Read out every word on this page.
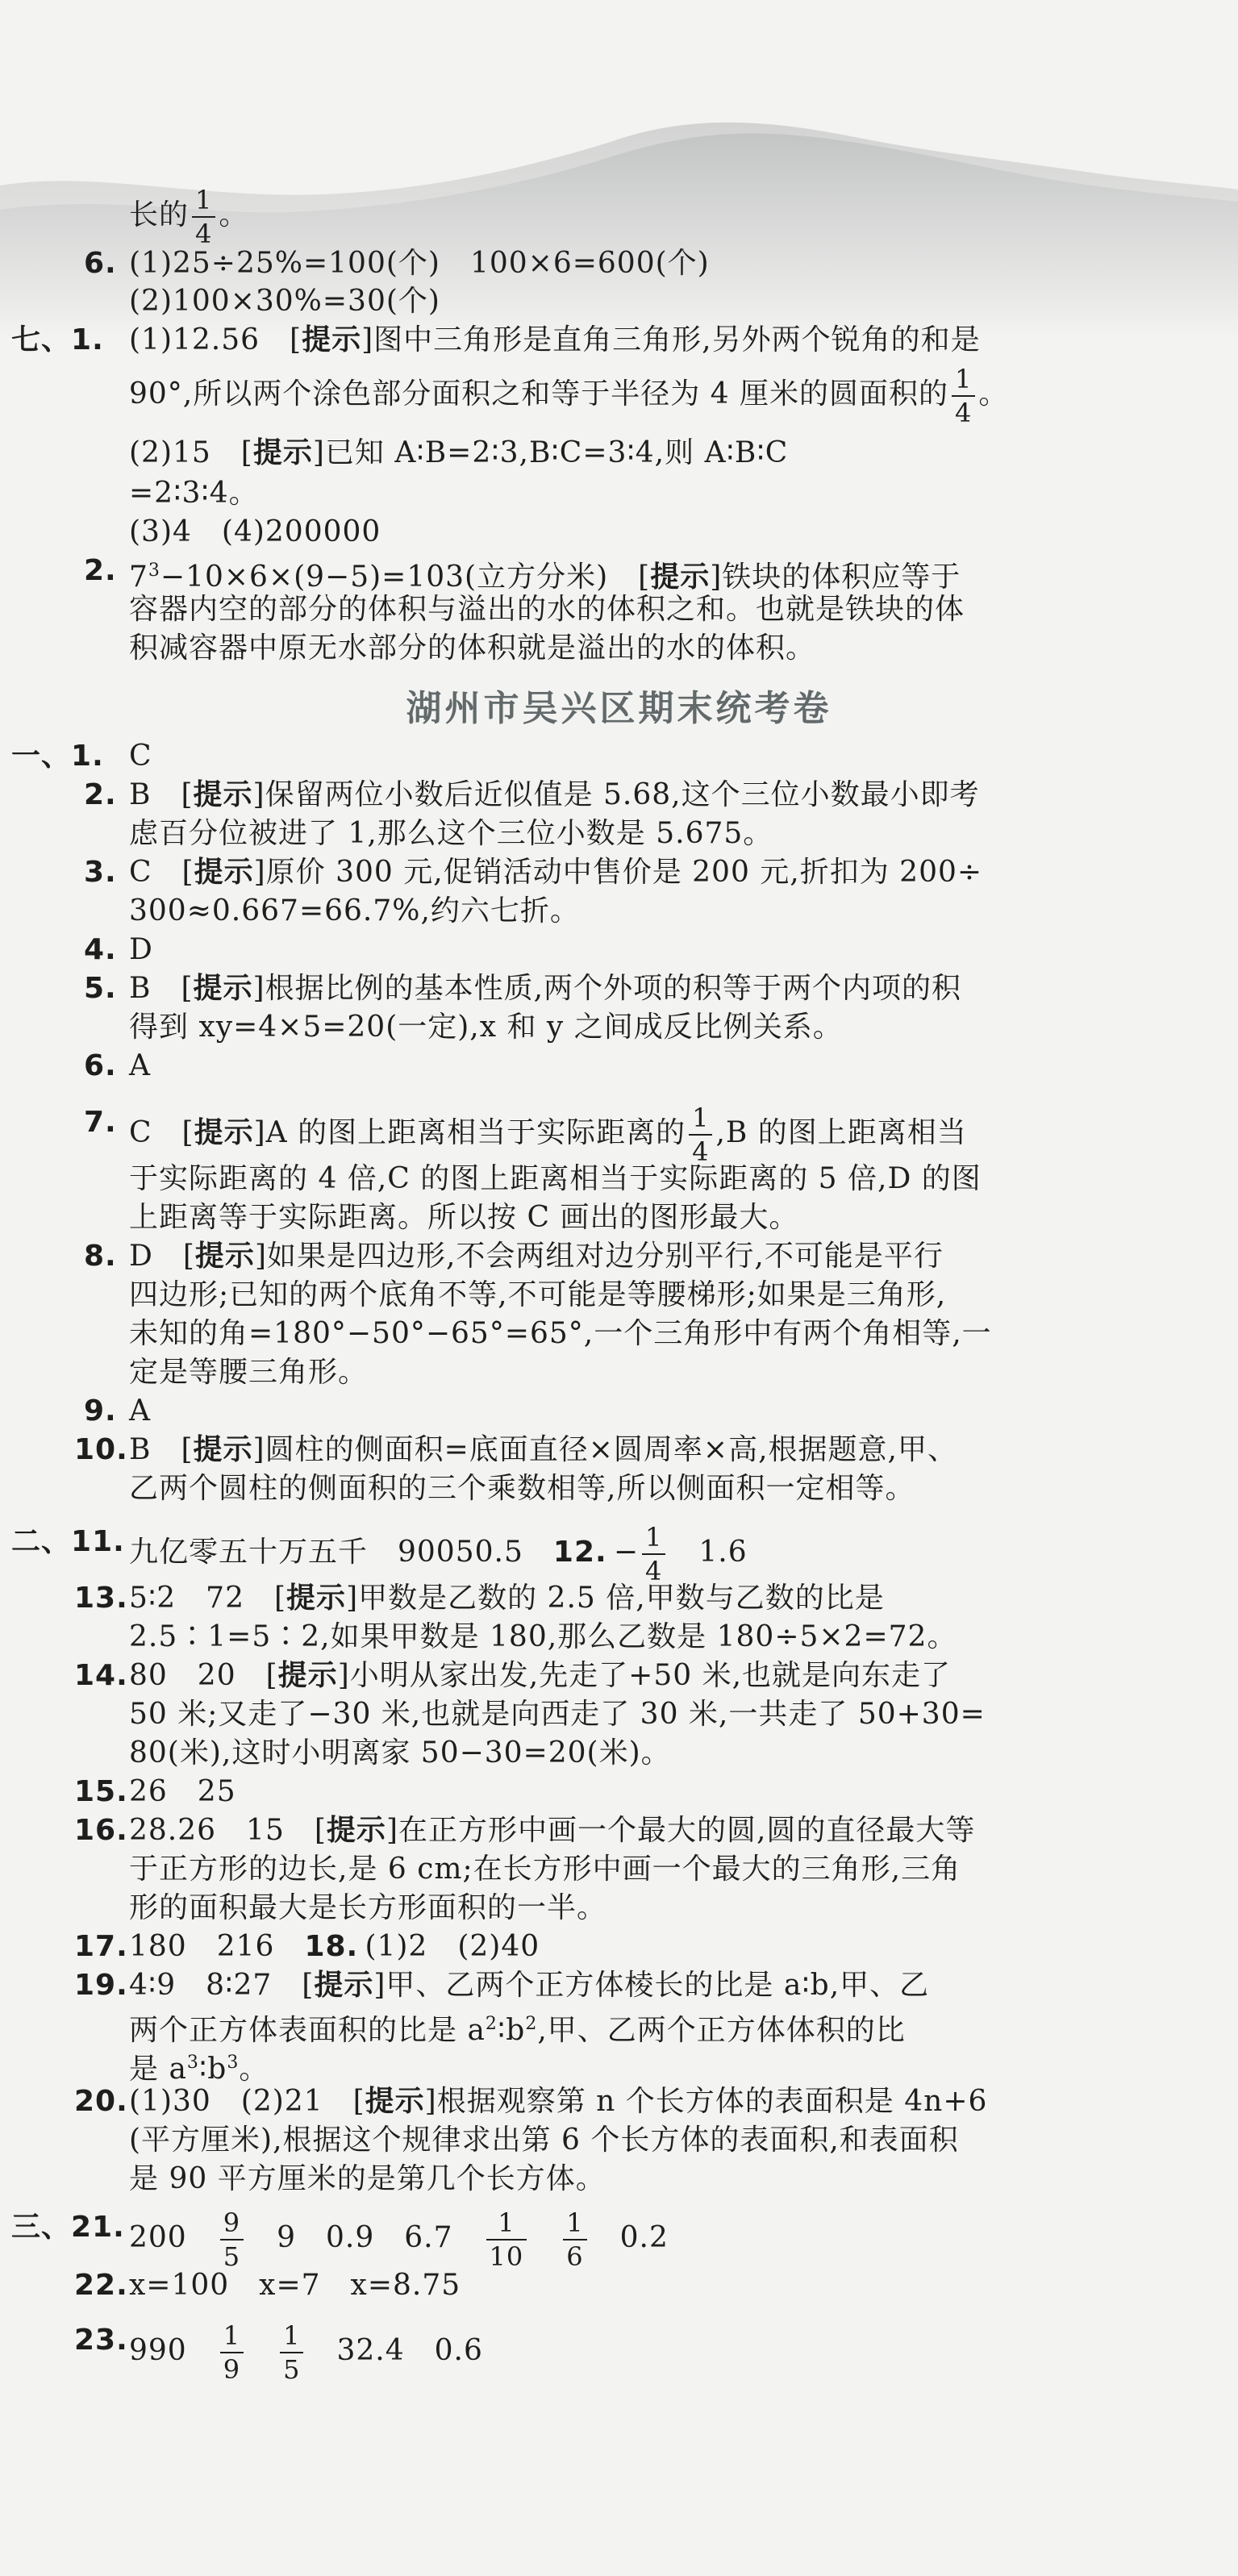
长的 $\frac{1}{4}$ 。
6. (1)25÷25%=100(个)　100×6=600(个)
(2)100×30%=30(个)
七、1. (1)12.56　[提示]图中三角形是直角三角形,另外两个锐角的和是
90°,所以两个涂色部分面积之和等于半径为 4 厘米的圆面积的 $\frac{1}{4}$ 。
(2)15　[提示]已知 A∶B=2∶3,B∶C=3∶4,则 A∶B∶C
=2∶3∶4。
(3)4　(4)200000
2. $7^3-10\times 6\times(9-5)=103$(立方分米)　[提示]铁块的体积应等于
容器内空的部分的体积与溢出的水的体积之和。也就是铁块的体
积减容器中原无水部分的体积就是溢出的水的体积。
湖州市吴兴区期末统考卷
一、1. C
2. B　[提示]保留两位小数后近似值是 5.68,这个三位小数最小即考
虑百分位被进了 1,那么这个三位小数是 5.675。
3. C　[提示]原价 300 元,促销活动中售价是 200 元,折扣为 200÷
300≈0.667=66.7%,约六七折。
4. D
5. B　[提示]根据比例的基本性质,两个外项的积等于两个内项的积
得到 xy=4×5=20(一定),x 和 y 之间成反比例关系。
6. A
7. C　[提示]A 的图上距离相当于实际距离的 $\frac{1}{4} ,B$ 的图上距离相当
于实际距离的 4 倍,C 的图上距离相当于实际距离的 5 倍,D 的图
上距离等于实际距离。所以按 C 画出的图形最大。
8. D　[提示]如果是四边形,不会两组对边分别平行,不可能是平行
四边形;已知的两个底角不等,不可能是等腰梯形;如果是三角形,
未知的角=180°−50°−65°=65°,一个三角形中有两个角相等,一
定是等腰三角形。
9. A
10. B　[提示]圆柱的侧面积=底面直径×圆周率×高,根据题意,甲、
乙两个圆柱的侧面积的三个乘数相等,所以侧面积一定相等。
二、11. 九亿零五十万五千　90050.5　 12.  − $\frac{1}{4}$ 　1.6
13. 5∶2　72　[提示]甲数是乙数的 2.5 倍,甲数与乙数的比是
2.5∶1=5∶2,如果甲数是 180,那么乙数是 180÷5×2=72。
14. 80　20　[提示]小明从家出发,先走了+50 米,也就是向东走了
50 米;又走了−30 米,也就是向西走了 30 米,一共走了 50+30=
80(米),这时小明离家 50−30=20(米)。
15. 26　25
16. 28.26　15　[提示]在正方形中画一个最大的圆,圆的直径最大等
于正方形的边长,是 6 cm;在长方形中画一个最大的三角形,三角
形的面积最大是长方形面积的一半。
17. 180　216　 18.  (1)2　(2)40
19. 4∶9　8∶27　[提示]甲、乙两个正方体棱长的比是 a∶b,甲、乙
两个正方体表面积的比是 $a^2∶b^2$,甲、乙两个正方体体积的比
是 $a^3∶b^3$。
20. (1)30　(2)21　[提示]根据观察第 n 个长方体的表面积是 4n+6
(平方厘米),根据这个规律求出第 6 个长方体的表面积,和表面积
是 90 平方厘米的是第几个长方体。
三、21. 200　 $\frac{9}{5}$
　 9　0.9　6.7　 $\frac{1}{10}$
　 $\frac{1}{6}$
　 0.2
22. x=100　x=7　x=8.75
23. 990　 $\frac{1}{9}$
　 $\frac{1}{5}$
　 32.4　0.6
